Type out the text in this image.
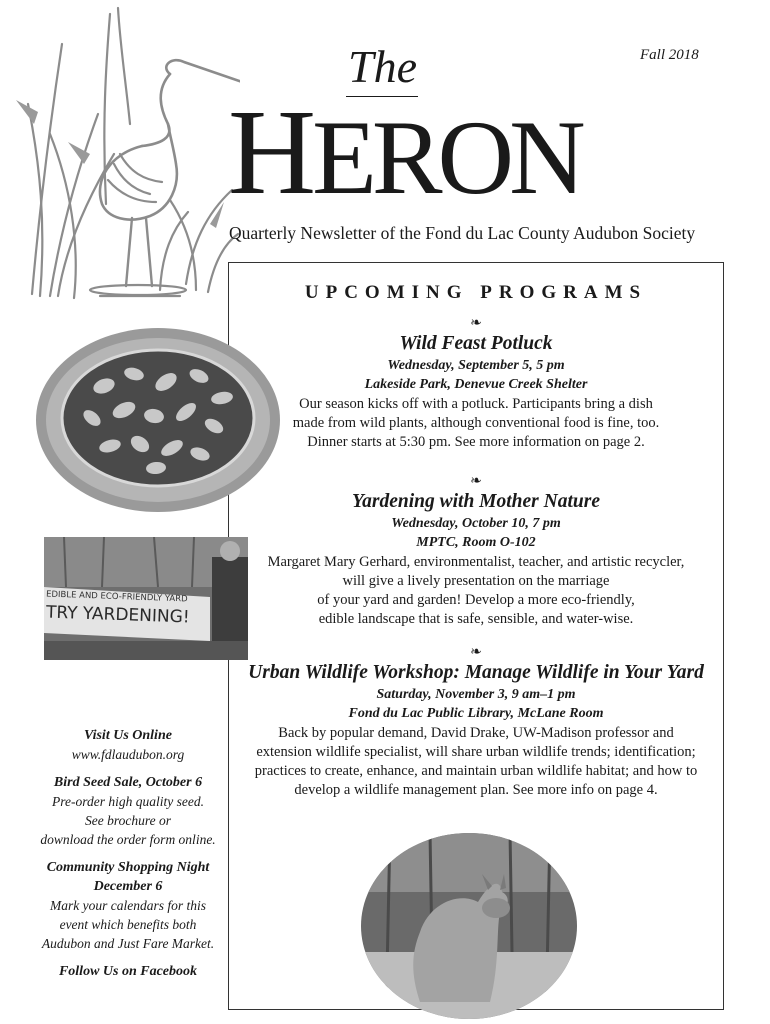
Fall 2018
The
HERON
Quarterly Newsletter of the Fond du Lac County Audubon Society
UPCOMING PROGRAMS
❧
Wild Feast Potluck
Wednesday, September 5, 5 pm
Lakeside Park, Denevue Creek Shelter
Our season kicks off with a potluck. Participants bring a dish
made from wild plants, although conventional food is fine, too.
Dinner starts at 5:30 pm. See more information on page 2.
❧
Yardening with Mother Nature
Wednesday, October 10, 7 pm
MPTC, Room O-102
Margaret Mary Gerhard, environmentalist, teacher, and artistic recycler,
will give a lively presentation on the marriage
of your yard and garden! Develop a more eco-friendly,
edible landscape that is safe, sensible, and water-wise.
❧
Urban Wildlife Workshop: Manage Wildlife in Your Yard
Saturday, November 3, 9 am–1 pm
Fond du Lac Public Library, McLane Room
Back by popular demand, David Drake, UW-Madison professor and
extension wildlife specialist, will share urban wildlife trends; identification;
practices to create, enhance, and maintain urban wildlife habitat; and how to
develop a wildlife management plan. See more info on page 4.
EDIBLE AND ECO-FRIENDLY YARD
TRY YARDENING!
Visit Us Online
www.fdlaudubon.org
Bird Seed Sale, October 6
Pre-order high quality seed.
See brochure or
download the order form online.
Community Shopping Night
December 6
Mark your calendars for this
event which benefits both
Audubon and Just Fare Market.
Follow Us on Facebook
